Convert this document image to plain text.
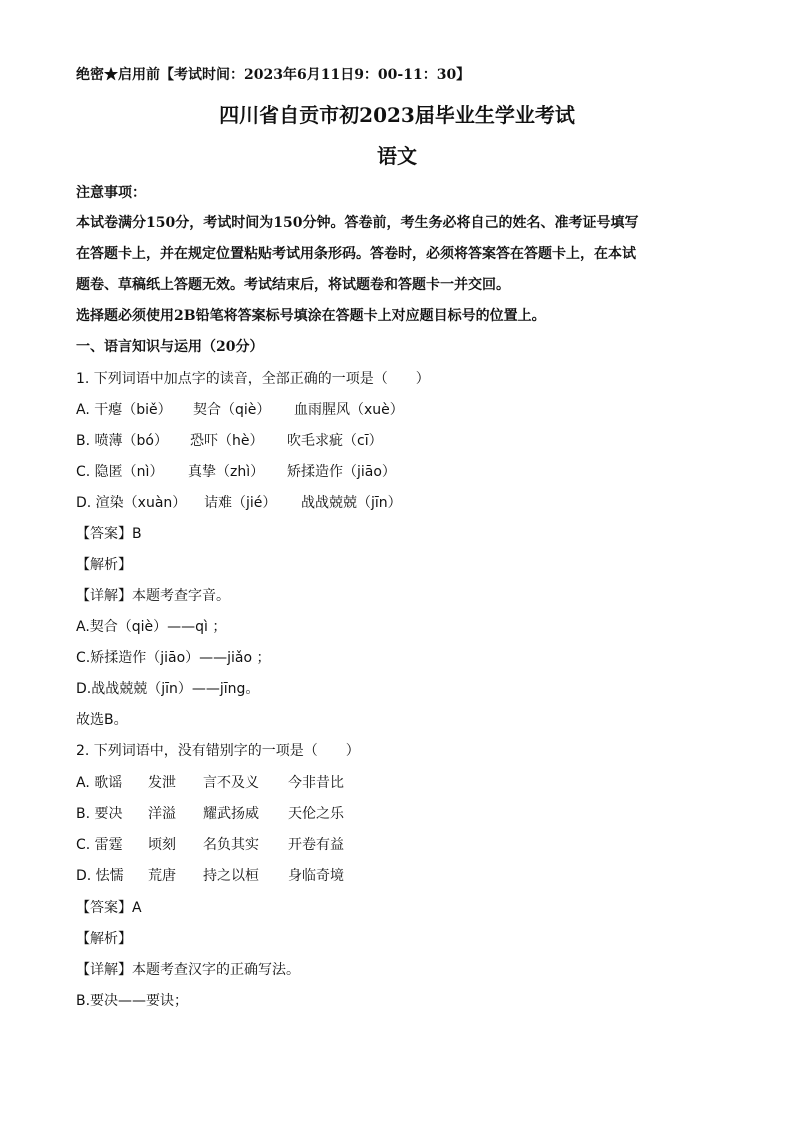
绝密★启用前【考试时间：2023年6月11日9：00-11：30】
四川省自贡市初2023届毕业生学业考试
语文
注意事项：
本试卷满分150分，考试时间为150分钟。答卷前，考生务必将自己的姓名、准考证号填写
在答题卡上，并在规定位置粘贴考试用条形码。答卷时，必须将答案答在答题卡上，在本试
题卷、草稿纸上答题无效。考试结束后，将试题卷和答题卡一并交回。
选择题必须使用2B铅笔将答案标号填涂在答题卡上对应题目标号的位置上。
一、语言知识与运用（20分）
1. 下列词语中加点字的读音，全部正确的一项是（　　）
A. 干瘪（biě） 契合（qiè） 血雨腥风（xuè）
B. 喷薄（bó） 恐吓（hè） 吹毛求疵（cī）
C. 隐匿（nì） 真挚（zhì） 矫揉造作（jiāo）
D. 渲染（xuàn） 诘难（jié） 战战兢兢（jīn）
【答案】B
【解析】
【详解】本题考查字音。
A.契合（qiè）——qì ；
C.矫揉造作（jiāo）——jiǎo ；
D.战战兢兢（jīn）——jīng。
故选B。
2. 下列词语中，没有错别字的一项是（　　）
A. 歌谣 发泄 言不及义 今非昔比
B. 要决 洋溢 耀武扬威 天伦之乐
C. 雷霆 顷刻 名负其实 开卷有益
D. 怯懦 荒唐 持之以桓 身临奇境
【答案】A
【解析】
【详解】本题考查汉字的正确写法。
B.要决——要诀；
